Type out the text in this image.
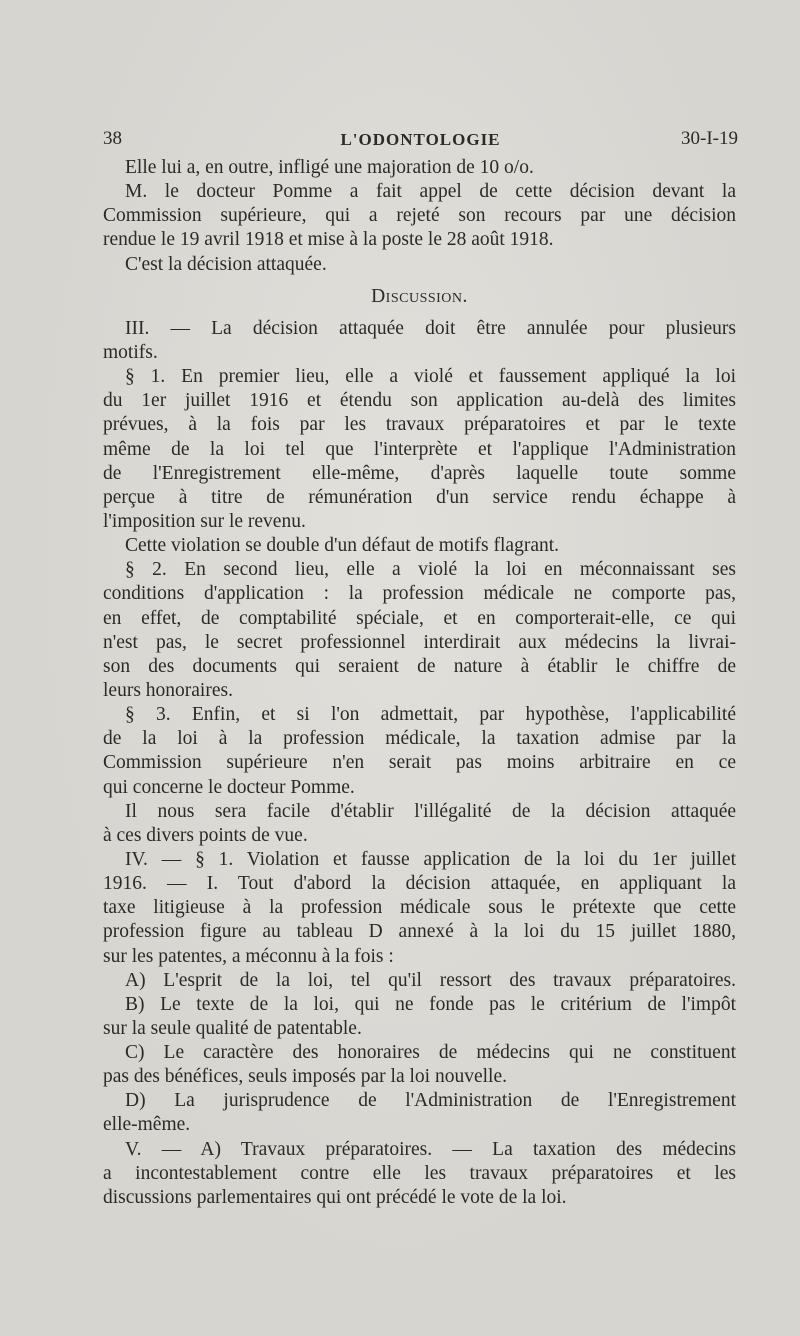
38	L'ODONTOLOGIE	30-I-19
Elle lui a, en outre, infligé une majoration de 10 o/o.
M. le docteur Pomme a fait appel de cette décision devant la
Commission supérieure, qui a rejeté son recours par une décision
rendue le 19 avril 1918 et mise à la poste le 28 août 1918.
C'est la décision attaquée.
Discussion.
III. — La décision attaquée doit être annulée pour plusieurs
motifs.
§ 1. En premier lieu, elle a violé et faussement appliqué la loi
du 1er juillet 1916 et étendu son application au-delà des limites
prévues, à la fois par les travaux préparatoires et par le texte
même de la loi tel que l'interprète et l'applique l'Administration
de l'Enregistrement elle-même, d'après laquelle toute somme
perçue à titre de rémunération d'un service rendu échappe à
l'imposition sur le revenu.
Cette violation se double d'un défaut de motifs flagrant.
§ 2. En second lieu, elle a violé la loi en méconnaissant ses
conditions d'application : la profession médicale ne comporte pas,
en effet, de comptabilité spéciale, et en comporterait-elle, ce qui
n'est pas, le secret professionnel interdirait aux médecins la livrai-
son des documents qui seraient de nature à établir le chiffre de
leurs honoraires.
§ 3. Enfin, et si l'on admettait, par hypothèse, l'applicabilité
de la loi à la profession médicale, la taxation admise par la
Commission supérieure n'en serait pas moins arbitraire en ce
qui concerne le docteur Pomme.
Il nous sera facile d'établir l'illégalité de la décision attaquée
à ces divers points de vue.
IV. — § 1. Violation et fausse application de la loi du 1er juillet
1916. — I. Tout d'abord la décision attaquée, en appliquant la
taxe litigieuse à la profession médicale sous le prétexte que cette
profession figure au tableau D annexé à la loi du 15 juillet 1880,
sur les patentes, a méconnu à la fois :
A) L'esprit de la loi, tel qu'il ressort des travaux préparatoires.
B) Le texte de la loi, qui ne fonde pas le critérium de l'impôt
sur la seule qualité de patentable.
C) Le caractère des honoraires de médecins qui ne constituent
pas des bénéfices, seuls imposés par la loi nouvelle.
D) La jurisprudence de l'Administration de l'Enregistrement
elle-même.
V. — A) Travaux préparatoires. — La taxation des médecins
a incontestablement contre elle les travaux préparatoires et les
discussions parlementaires qui ont précédé le vote de la loi.
